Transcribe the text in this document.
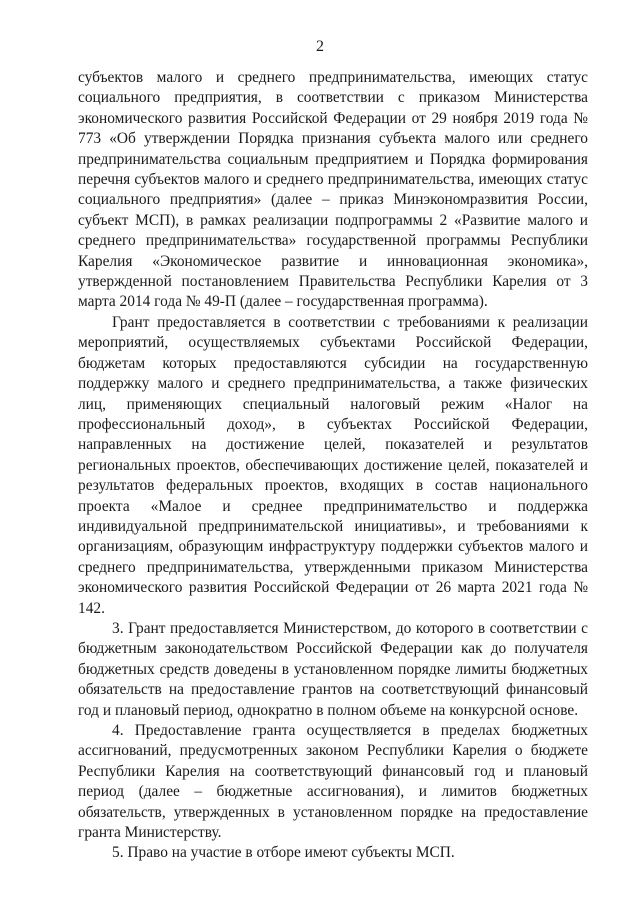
2

субъектов малого и среднего предпринимательства, имеющих статус социального предприятия, в соответствии с приказом Министерства экономического развития Российской Федерации от 29 ноября 2019 года № 773 «Об утверждении Порядка признания субъекта малого или среднего предпринимательства социальным предприятием и Порядка формирования перечня субъектов малого и среднего предпринимательства, имеющих статус социального предприятия» (далее – приказ Минэкономразвития России, субъект МСП), в рамках реализации подпрограммы 2 «Развитие малого и среднего предпринимательства» государственной программы Республики Карелия «Экономическое развитие и инновационная экономика», утвержденной постановлением Правительства Республики Карелия от 3 марта 2014 года № 49-П (далее – государственная программа).

Грант предоставляется в соответствии с требованиями к реализации мероприятий, осуществляемых субъектами Российской Федерации, бюджетам которых предоставляются субсидии на государственную поддержку малого и среднего предпринимательства, а также физических лиц, применяющих специальный налоговый режим «Налог на профессиональный доход», в субъектах Российской Федерации, направленных на достижение целей, показателей и результатов региональных проектов, обеспечивающих достижение целей, показателей и результатов федеральных проектов, входящих в состав национального проекта «Малое и среднее предпринимательство и поддержка индивидуальной предпринимательской инициативы», и требованиями к организациям, образующим инфраструктуру поддержки субъектов малого и среднего предпринимательства, утвержденными приказом Министерства экономического развития Российской Федерации от 26 марта 2021 года № 142.

3. Грант предоставляется Министерством, до которого в соответствии с бюджетным законодательством Российской Федерации как до получателя бюджетных средств доведены в установленном порядке лимиты бюджетных обязательств на предоставление грантов на соответствующий финансовый год и плановый период, однократно в полном объеме на конкурсной основе.

4. Предоставление гранта осуществляется в пределах бюджетных ассигнований, предусмотренных законом Республики Карелия о бюджете Республики Карелия на соответствующий финансовый год и плановый период (далее – бюджетные ассигнования), и лимитов бюджетных обязательств, утвержденных в установленном порядке на предоставление гранта Министерству.

5. Право на участие в отборе имеют субъекты МСП.
